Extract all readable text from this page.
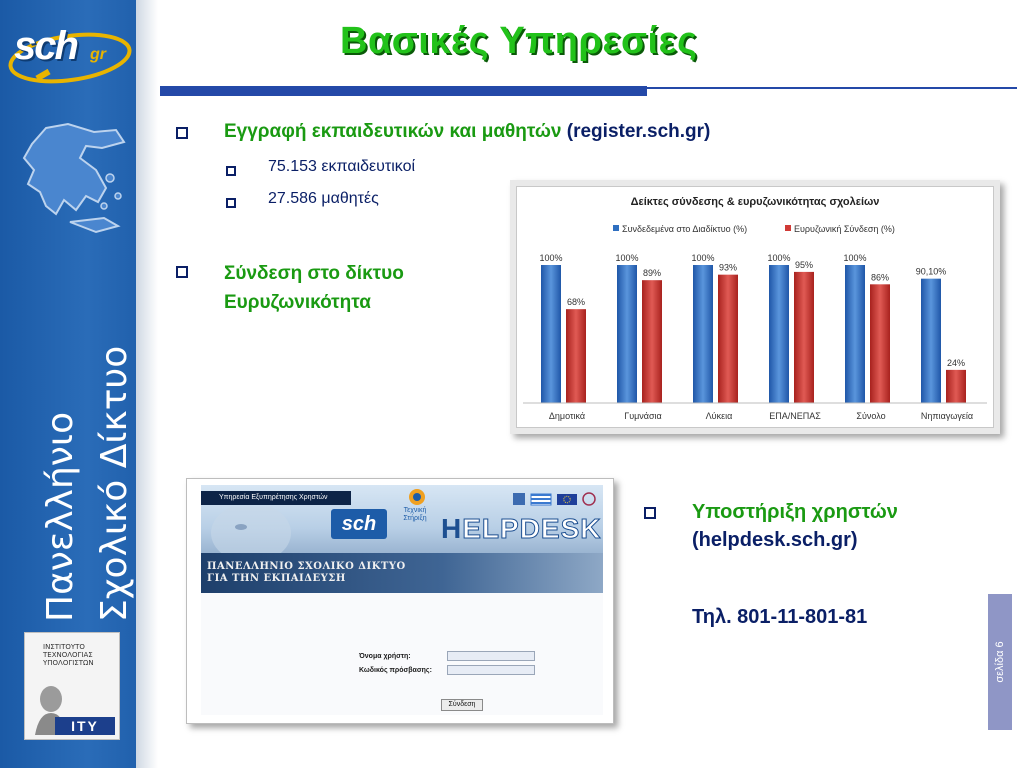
sch gr
Πανελλήνιο Σχολικό Δίκτυο
ΙΝΣΤΙΤΟΥΤΟ
ΤΕΧΝΟΛΟΓΙΑΣ
ΥΠΟΛΟΓΙΣΤΩΝ
ITY
Βασικές Υπηρεσίες
Εγγραφή εκπαιδευτικών και μαθητών (register.sch.gr)
75.153 εκπαιδευτικοί
27.586 μαθητές
Σύνδεση στο δίκτυο
Ευρυζωνικότητα
Δείκτες σύνδεσης & ευρυζωνικότητας σχολείων
Συνδεδεμένα στο Διαδίκτυο (%)	Ευρυζωνική Σύνδεση (%)
100%
68%
Δημοτικά
100%
89%
Γυμνάσια
100%
93%
Λύκεια
100%
95%
ΕΠΑ/ΝΕΠΑΣ
100%
86%
Σύνολο
90,10%
24%
Νηπιαγωγεία
Υπηρεσία Εξυπηρέτησης Χρηστών
sch
Τεχνική
Στήριξη HELPDESK
ΠΑΝΕΛΛΗΝΙΟ ΣΧΟΛΙΚΟ ΔΙΚΤΥΟ
ΓΙΑ ΤΗΝ ΕΚΠΑΙΔΕΥΣΗ
Όνομα χρήστη:
Κωδικός πρόσβασης:
Σύνδεση
Υποστήριξη χρηστών
(helpdesk.sch.gr)
Τηλ. 801-11-801-81
σελίδα 6
